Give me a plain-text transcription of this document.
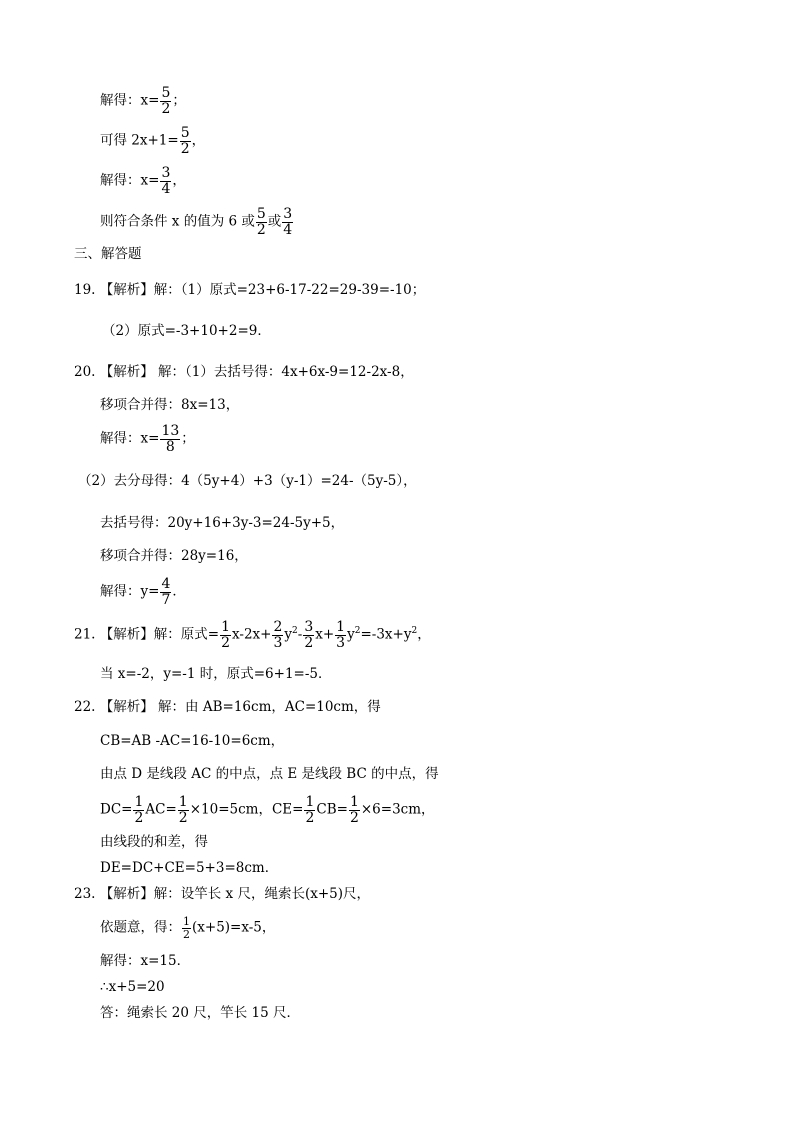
解得：$x= \frac{5}{2}$ ；
可得 $2x+1= \frac{5}{2}$ ，
解得：$x= \frac{3}{4}$ ，
则符合条件 x 的值为 6 或 $\frac{5}{2}$ 或 $\frac{3}{4}$
三、解答题
19. 【解析】解：（1）原式=23+6-17-22=29-39=-10；
（2）原式=-3+10+2=9．
20. 【解析】 解：（1）去括号得：4x+6x-9=12-2x-8，
移项合并得：8x=13，
解得：$x= \frac{13}{8}$ ；
（2）去分母得：4（5y+4）+3（y-1）=24-（5y-5），
去括号得：20y+16+3y-3=24-5y+5，
移项合并得：28y=16，
解得：$y= \frac{4}{7}$ ．
21. 【解析】解：原式= $\frac{1}{2} x-2x+ \frac{2}{3} y^2- \frac{3}{2} x+ \frac{1}{3} y^2=-3x+y^2$，
当 x=-2，y=-1 时，原式=6+1=-5．
22. 【解析】 解：由 AB=16cm，AC=10cm，得
CB=AB -AC=16-10=6cm，
由点 D 是线段 AC 的中点，点 E 是线段 BC 的中点，得
$DC= \frac{1}{2} AC= \frac{1}{2} \times 10=5cm$，$CE= \frac{1}{2} CB= \frac{1}{2} \times 6=3cm$，
由线段的和差，得
DE=DC+CE=5+3=8cm．
23. 【解析】解：设竿长 x 尺，绳索长(x+5)尺，
依题意，得： $\frac{1}{2} (x+5)=x-5$，
解得：x=15．
∴x+5=20
答：绳索长 20 尺，竿长 15 尺．
